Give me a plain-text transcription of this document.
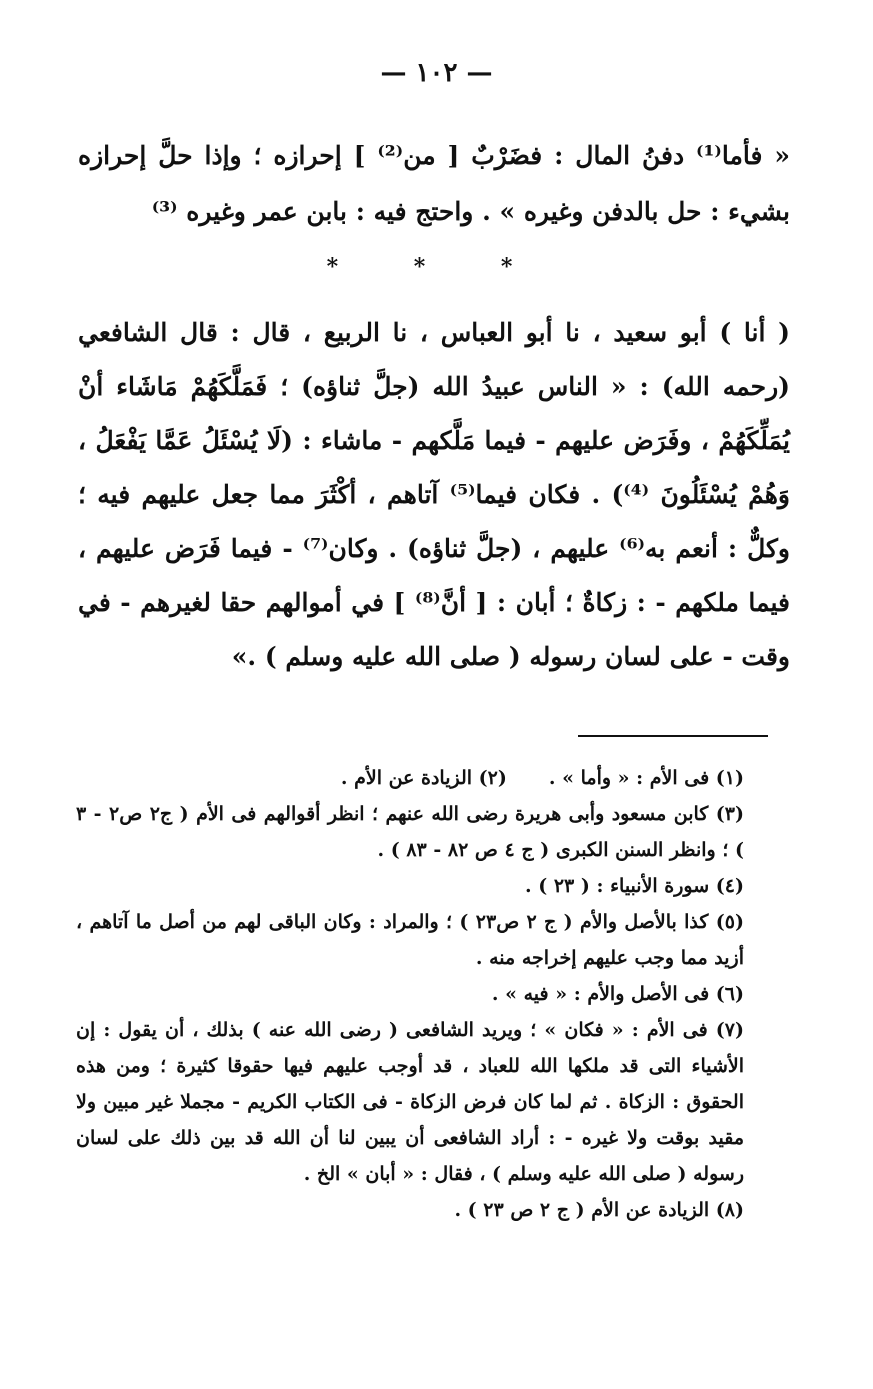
— ١٠٢ —

« فأما⁽¹⁾ دفنُ المال : فضَرْبٌ [ من⁽²⁾ ] إحرازه ؛ وإذا حلَّ إحرازه بشيء : حل بالدفن وغيره » . واحتج فيه : بابن عمر وغيره ⁽³⁾

* * *

( أنا ) أبو سعيد ، نا أبو العباس ، نا الربيع ، قال : قال الشافعي (رحمه الله) : « الناس عبيدُ الله (جلَّ ثناؤه) ؛ فَمَلَّكَهُمْ مَاشَاء أنْ يُمَلِّكَهُمْ ، وفَرَض عليهم - فيما مَلَّكهم - ماشاء : (لَا يُسْئَلُ عَمَّا يَفْعَلُ ، وَهُمْ يُسْئَلُونَ ⁽⁴⁾) . فكان فيما⁽⁵⁾ آتاهم ، أكْثَرَ مما جعل عليهم فيه ؛ وكلٌّ : أنعم به⁽⁶⁾ عليهم ، (جلَّ ثناؤه) . وكان⁽⁷⁾ - فيما فَرَض عليهم ، فيما ملكهم - : زكاةٌ ؛ أبان : [ أنَّ⁽⁸⁾ ] في أموالهم حقا لغيرهم - في وقت - على لسان رسوله ( صلى الله عليه وسلم ) .»

(١) فى الأم : « وأما » .
(٢) الزيادة عن الأم .

(٣) كابن مسعود وأبى هريرة رضى الله عنهم ؛ انظر أقوالهم فى الأم ( ج٢ ص٢ - ٣ ) ؛ وانظر السنن الكبرى ( ج ٤ ص ٨٢ - ٨٣ ) .

(٤) سورة الأنبياء : ( ٢٣ ) .

(٥) كذا بالأصل والأم ( ج ٢ ص٢٣ ) ؛ والمراد : وكان الباقى لهم من أصل ما آتاهم ، أزيد مما وجب عليهم إخراجه منه .

(٦) فى الأصل والأم : « فيه » .

(٧) فى الأم : « فكان » ؛ ويريد الشافعى ( رضى الله عنه ) بذلك ، أن يقول : إن الأشياء التى قد ملكها الله للعباد ، قد أوجب عليهم فيها حقوقا كثيرة ؛ ومن هذه الحقوق : الزكاة . ثم لما كان فرض الزكاة - فى الكتاب الكريم - مجملا غير مبين ولا مقيد بوقت ولا غيره - : أراد الشافعى أن يبين لنا أن الله قد بين ذلك على لسان رسوله ( صلى الله عليه وسلم ) ، فقال : « أبان » الخ .

(٨) الزيادة عن الأم ( ج ٢ ص ٢٣ ) .
